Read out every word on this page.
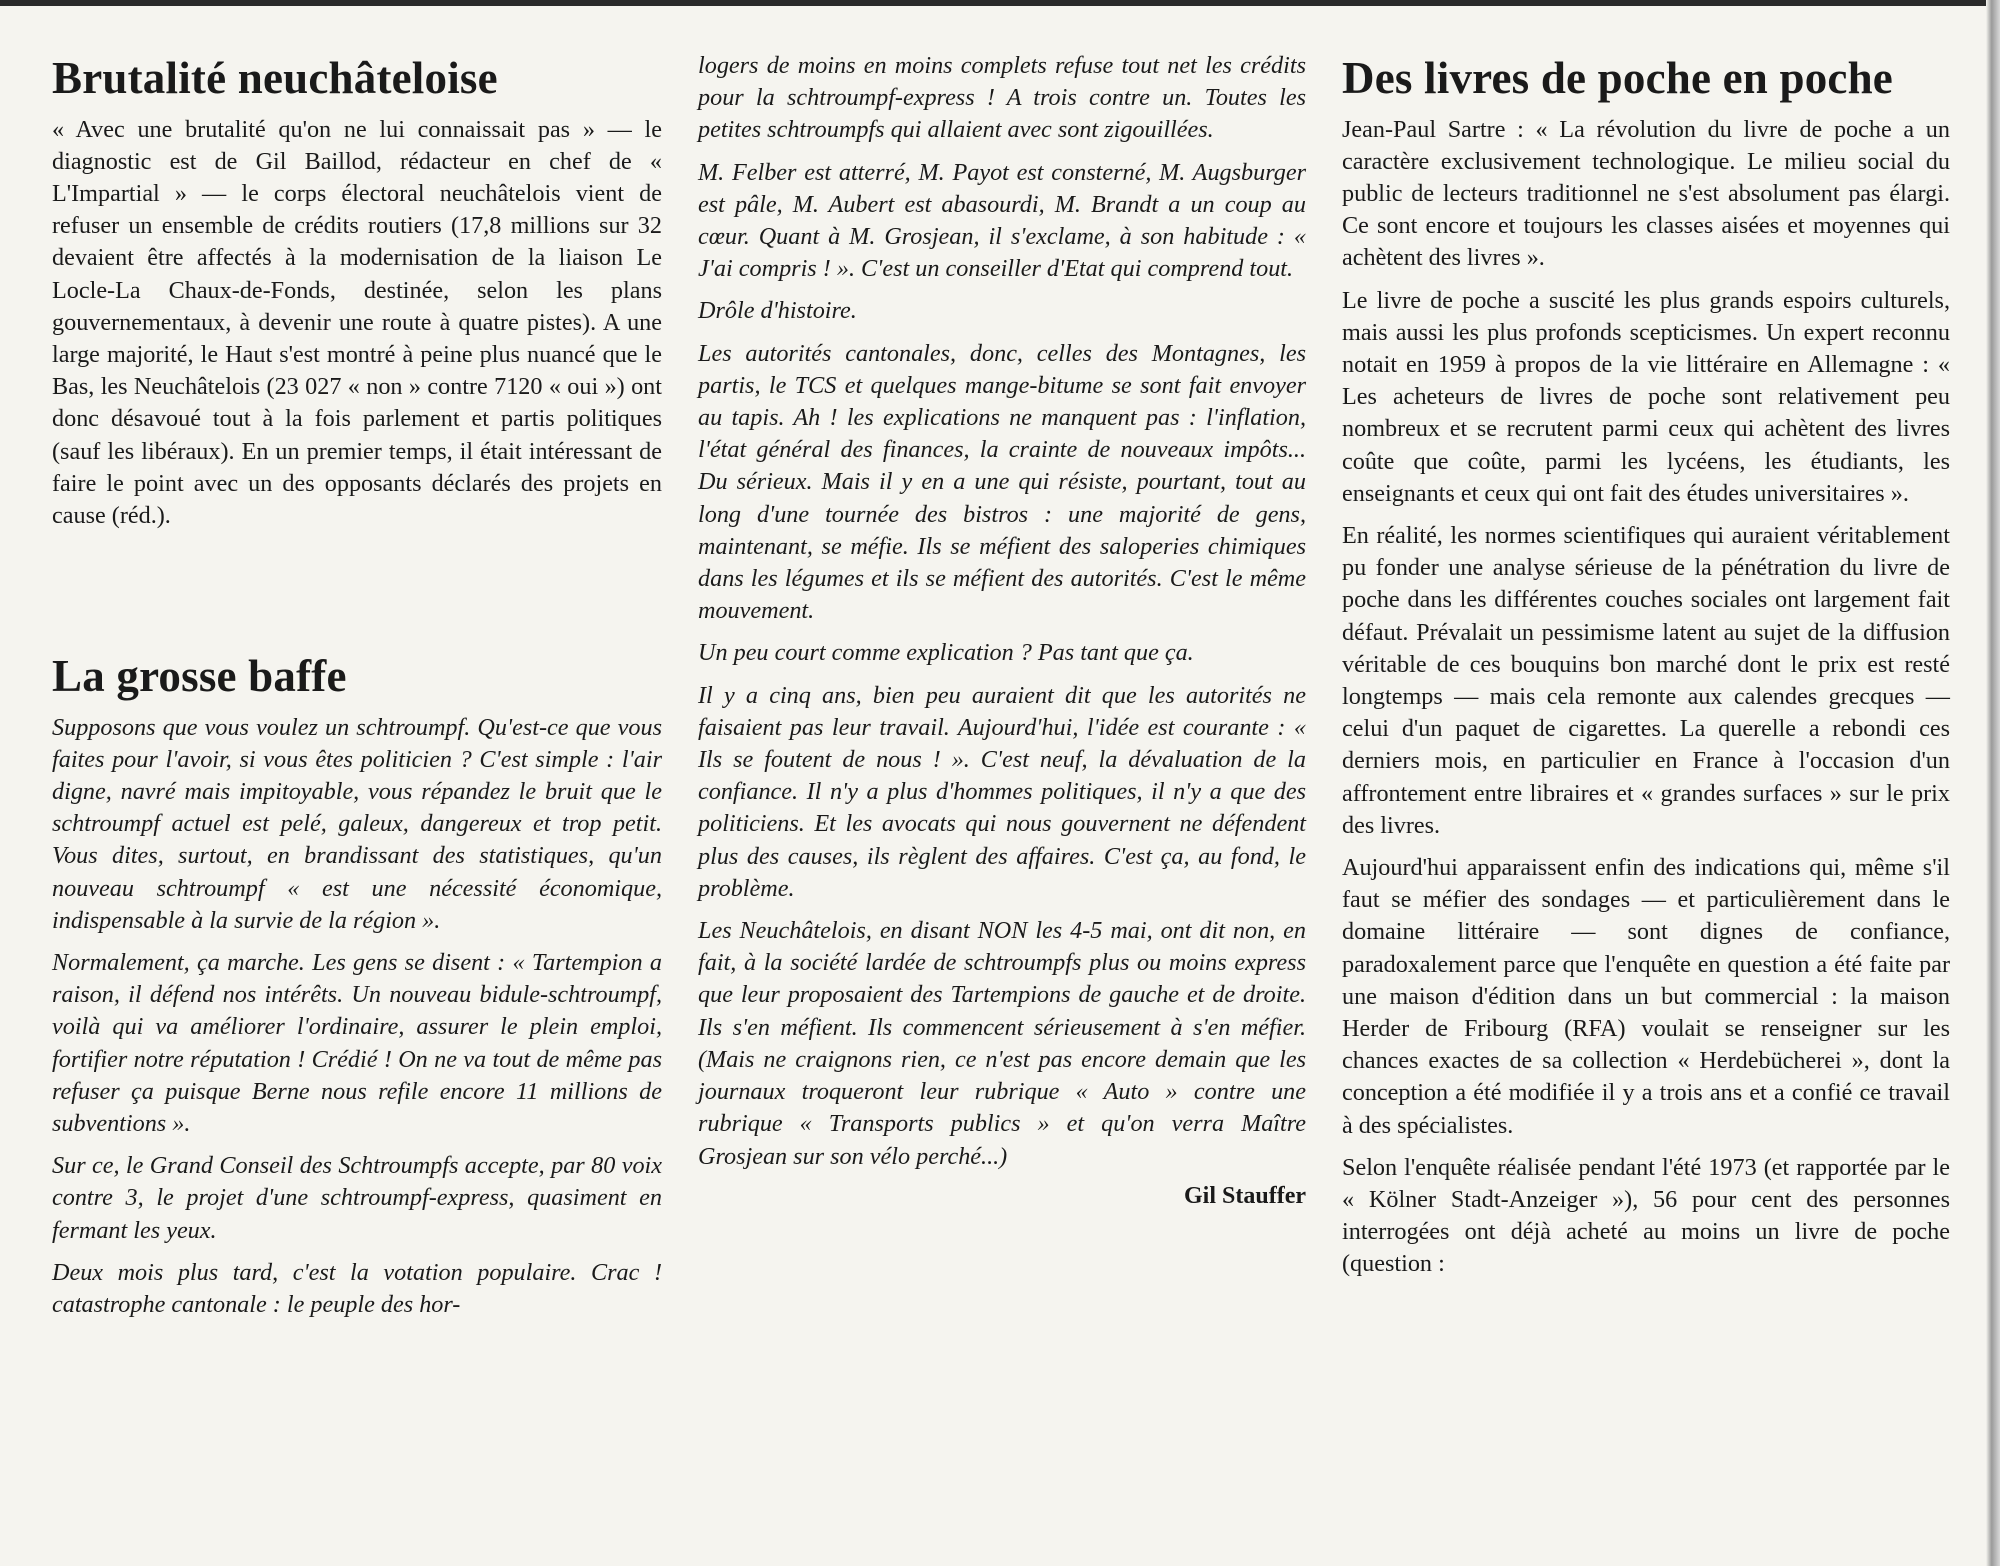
Brutalité neuchâteloise

« Avec une brutalité qu'on ne lui connaissait pas » — le diagnostic est de Gil Baillod, rédacteur en chef de « L'Impartial » — le corps électoral neuchâtelois vient de refuser un ensemble de crédits routiers (17,8 millions sur 32 devaient être affectés à la modernisation de la liaison Le Locle-La Chaux-de-Fonds, destinée, selon les plans gouvernementaux, à devenir une route à quatre pistes). A une large majorité, le Haut s'est montré à peine plus nuancé que le Bas, les Neuchâtelois (23 027 « non » contre 7120 « oui ») ont donc désavoué tout à la fois parlement et partis politiques (sauf les libéraux). En un premier temps, il était intéressant de faire le point avec un des opposants déclarés des projets en cause (réd.).

La grosse baffe

Supposons que vous voulez un schtroumpf. Qu'est-ce que vous faites pour l'avoir, si vous êtes politicien ? C'est simple : l'air digne, navré mais impitoyable, vous répandez le bruit que le schtroumpf actuel est pelé, galeux, dangereux et trop petit. Vous dites, surtout, en brandissant des statistiques, qu'un nouveau schtroumpf « est une nécessité économique, indispensable à la survie de la région ».

Normalement, ça marche. Les gens se disent : « Tartempion a raison, il défend nos intérêts. Un nouveau bidule-schtroumpf, voilà qui va améliorer l'ordinaire, assurer le plein emploi, fortifier notre réputation ! Crédié ! On ne va tout de même pas refuser ça puisque Berne nous refile encore 11 millions de subventions ».

Sur ce, le Grand Conseil des Schtroumpfs accepte, par 80 voix contre 3, le projet d'une schtroumpf-express, quasiment en fermant les yeux.

Deux mois plus tard, c'est la votation populaire. Crac ! catastrophe cantonale : le peuple des hor-

logers de moins en moins complets refuse tout net les crédits pour la schtroumpf-express ! A trois contre un. Toutes les petites schtroumpfs qui allaient avec sont zigouillées.

M. Felber est atterré, M. Payot est consterné, M. Augsburger est pâle, M. Aubert est abasourdi, M. Brandt a un coup au cœur. Quant à M. Grosjean, il s'exclame, à son habitude : « J'ai compris ! ». C'est un conseiller d'Etat qui comprend tout.

Drôle d'histoire.

Les autorités cantonales, donc, celles des Montagnes, les partis, le TCS et quelques mange-bitume se sont fait envoyer au tapis. Ah ! les explications ne manquent pas : l'inflation, l'état général des finances, la crainte de nouveaux impôts... Du sérieux. Mais il y en a une qui résiste, pourtant, tout au long d'une tournée des bistros : une majorité de gens, maintenant, se méfie. Ils se méfient des saloperies chimiques dans les légumes et ils se méfient des autorités. C'est le même mouvement.

Un peu court comme explication ? Pas tant que ça.

Il y a cinq ans, bien peu auraient dit que les autorités ne faisaient pas leur travail. Aujourd'hui, l'idée est courante : « Ils se foutent de nous ! ». C'est neuf, la dévaluation de la confiance. Il n'y a plus d'hommes politiques, il n'y a que des politiciens. Et les avocats qui nous gouvernent ne défendent plus des causes, ils règlent des affaires. C'est ça, au fond, le problème.

Les Neuchâtelois, en disant NON les 4-5 mai, ont dit non, en fait, à la société lardée de schtroumpfs plus ou moins express que leur proposaient des Tartempions de gauche et de droite. Ils s'en méfient. Ils commencent sérieusement à s'en méfier. (Mais ne craignons rien, ce n'est pas encore demain que les journaux troqueront leur rubrique « Auto » contre une rubrique « Transports publics » et qu'on verra Maître Grosjean sur son vélo perché...)

Gil Stauffer
Des livres de poche en poche

Jean-Paul Sartre : « La révolution du livre de poche a un caractère exclusivement technologique. Le milieu social du public de lecteurs traditionnel ne s'est absolument pas élargi. Ce sont encore et toujours les classes aisées et moyennes qui achètent des livres ».

Le livre de poche a suscité les plus grands espoirs culturels, mais aussi les plus profonds scepticismes. Un expert reconnu notait en 1959 à propos de la vie littéraire en Allemagne : « Les acheteurs de livres de poche sont relativement peu nombreux et se recrutent parmi ceux qui achètent des livres coûte que coûte, parmi les lycéens, les étudiants, les enseignants et ceux qui ont fait des études universitaires ».

En réalité, les normes scientifiques qui auraient véritablement pu fonder une analyse sérieuse de la pénétration du livre de poche dans les différentes couches sociales ont largement fait défaut. Prévalait un pessimisme latent au sujet de la diffusion véritable de ces bouquins bon marché dont le prix est resté longtemps — mais cela remonte aux calendes grecques — celui d'un paquet de cigarettes. La querelle a rebondi ces derniers mois, en particulier en France à l'occasion d'un affrontement entre libraires et « grandes surfaces » sur le prix des livres.

Aujourd'hui apparaissent enfin des indications qui, même s'il faut se méfier des sondages — et particulièrement dans le domaine littéraire — sont dignes de confiance, paradoxalement parce que l'enquête en question a été faite par une maison d'édition dans un but commercial : la maison Herder de Fribourg (RFA) voulait se renseigner sur les chances exactes de sa collection « Herdebücherei », dont la conception a été modifiée il y a trois ans et a confié ce travail à des spécialistes.

Selon l'enquête réalisée pendant l'été 1973 (et rapportée par le « Kölner Stadt-Anzeiger »), 56 pour cent des personnes interrogées ont déjà acheté au moins un livre de poche (question :
